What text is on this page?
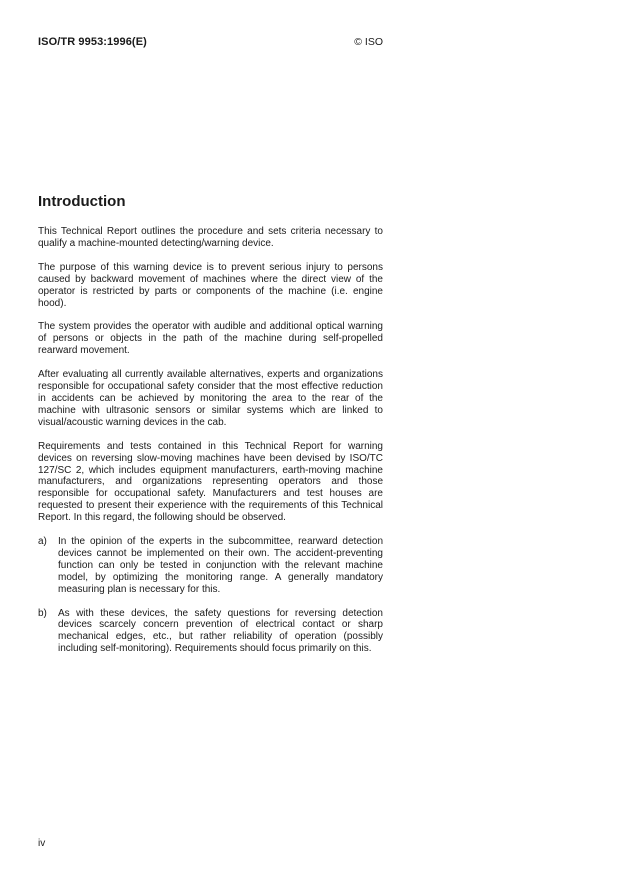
ISO/TR 9953:1996(E)	© ISO
Introduction

This Technical Report outlines the procedure and sets criteria necessary to qualify a machine-mounted detecting/warning device.

The purpose of this warning device is to prevent serious injury to persons caused by backward movement of machines where the direct view of the operator is restricted by parts or components of the machine (i.e. engine hood).

The system provides the operator with audible and additional optical warning of persons or objects in the path of the machine during self-propelled rearward movement.

After evaluating all currently available alternatives, experts and organizations responsible for occupational safety consider that the most effective reduction in accidents can be achieved by monitoring the area to the rear of the machine with ultrasonic sensors or similar systems which are linked to visual/acoustic warning devices in the cab.

Requirements and tests contained in this Technical Report for warning devices on reversing slow-moving machines have been devised by ISO/TC 127/SC 2, which includes equipment manufacturers, earth-moving machine manufacturers, and organizations representing operators and those responsible for occupational safety. Manufacturers and test houses are requested to present their experience with the requirements of this Technical Report. In this regard, the following should be observed.

a) In the opinion of the experts in the subcommittee, rearward detection devices cannot be implemented on their own. The accident-preventing function can only be tested in conjunction with the relevant machine model, by optimizing the monitoring range. A generally mandatory measuring plan is necessary for this.
b) As with these devices, the safety questions for reversing detection devices scarcely concern prevention of electrical contact or sharp mechanical edges, etc., but rather reliability of operation (possibly including self-monitoring). Requirements should focus primarily on this.
iv
